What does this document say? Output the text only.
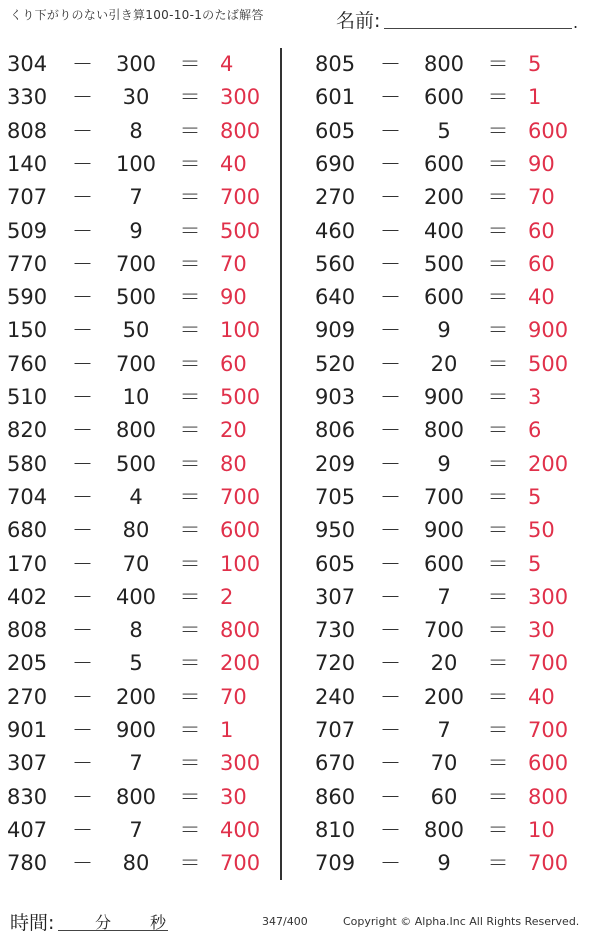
くり下がりのない引き算100-10-1のたば解答	名前:	.
304 －	300	＝ 4
330 －	30	＝ 300
808 －	8	＝ 800
140 －	100	＝ 40
707 －	7	＝ 700
509 －	9	＝ 500
770 －	700	＝ 70
590 －	500	＝ 90
150 －	50	＝ 100
760 －	700	＝ 60
510 －	10	＝ 500
820 －	800	＝ 20
580 －	500	＝ 80
704 －	4	＝ 700
680 －	80	＝ 600
170 －	70	＝ 100
402 －	400	＝ 2
808 －	8	＝ 800
205 －	5	＝ 200
270 －	200	＝ 70
901 －	900	＝ 1
307 －	7	＝ 300
830 －	800	＝ 30
407 －	7	＝ 400
780 －	80	＝ 700
805 －	800	＝ 5
601 －	600	＝ 1
605 －	5	＝ 600
690 －	600	＝ 90
270 －	200	＝ 70
460 －	400	＝ 60
560 －	500	＝ 60
640 －	600	＝ 40
909 －	9	＝ 900
520 －	20	＝ 500
903 －	900	＝ 3
806 －	800	＝ 6
209 －	9	＝ 200
705 －	700	＝ 5
950 －	900	＝ 50
605 －	600	＝ 5
307 －	7	＝ 300
730 －	700	＝ 30
720 －	20	＝ 700
240 －	200	＝ 40
707 －	7	＝ 700
670 －	70	＝ 600
860 －	60	＝ 800
810 －	800	＝ 10
709 －	9	＝ 700
時間:	分 秒	347/400	Copyright © Alpha.Inc All Rights Reserved.
